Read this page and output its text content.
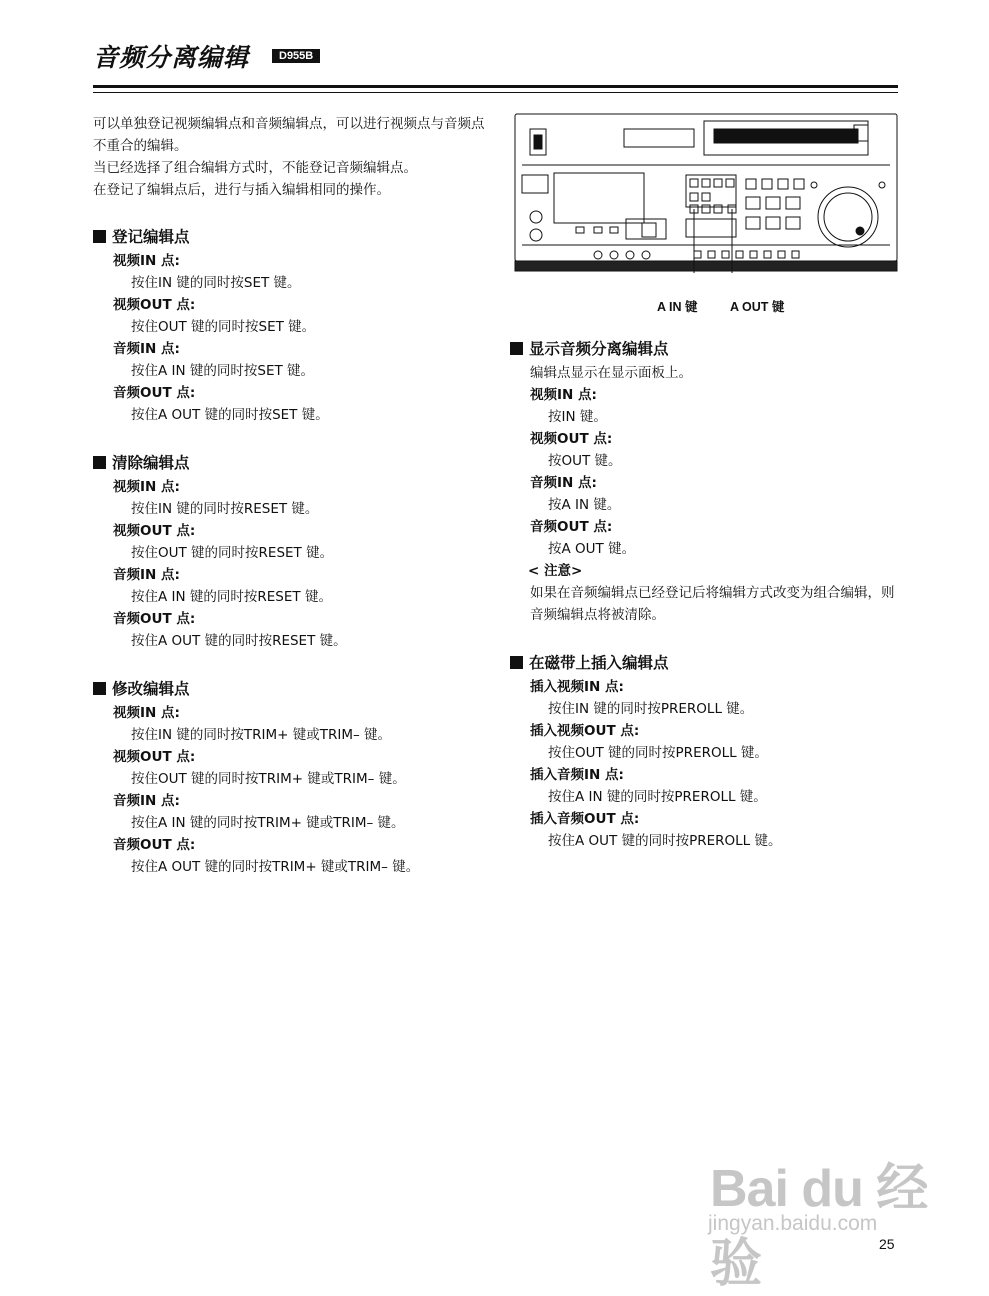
音频分离编辑	D955B

可以单独登记视频编辑点和音频编辑点，可以进行视频点与音频点不重合的编辑。

当已经选择了组合编辑方式时，不能登记音频编辑点。

在登记了编辑点后，进行与插入编辑相同的操作。

登记编辑点
视频IN 点:
按住IN 键的同时按SET 键。
视频OUT 点:
按住OUT 键的同时按SET 键。
音频IN 点:
按住A IN 键的同时按SET 键。
音频OUT 点:
按住A OUT 键的同时按SET 键。
清除编辑点
视频IN 点:
按住IN 键的同时按RESET 键。
视频OUT 点:
按住OUT 键的同时按RESET 键。
音频IN 点:
按住A IN 键的同时按RESET 键。
音频OUT 点:
按住A OUT 键的同时按RESET 键。
修改编辑点
视频IN 点:
按住IN 键的同时按TRIM+ 键或TRIM– 键。
视频OUT 点:
按住OUT 键的同时按TRIM+ 键或TRIM– 键。
音频IN 点:
按住A IN 键的同时按TRIM+ 键或TRIM– 键。
音频OUT 点:
按住A OUT 键的同时按TRIM+ 键或TRIM– 键。
A IN 键	A OUT 键
显示音频分离编辑点
编辑点显示在显示面板上。
视频IN 点:
按IN 键。
视频OUT 点:
按OUT 键。
音频IN 点:
按A IN 键。
音频OUT 点:
按A OUT 键。
< 注意>
如果在音频编辑点已经登记后将编辑方式改变为组合编辑，则音频编辑点将被清除。
在磁带上插入编辑点
插入视频IN 点:
按住IN 键的同时按PREROLL 键。
插入视频OUT 点:
按住OUT 键的同时按PREROLL 键。
插入音频IN 点:
按住A IN 键的同时按PREROLL 键。
插入音频OUT 点:
按住A OUT 键的同时按PREROLL 键。
Bai du 经验
jingyan.baidu.com
25
